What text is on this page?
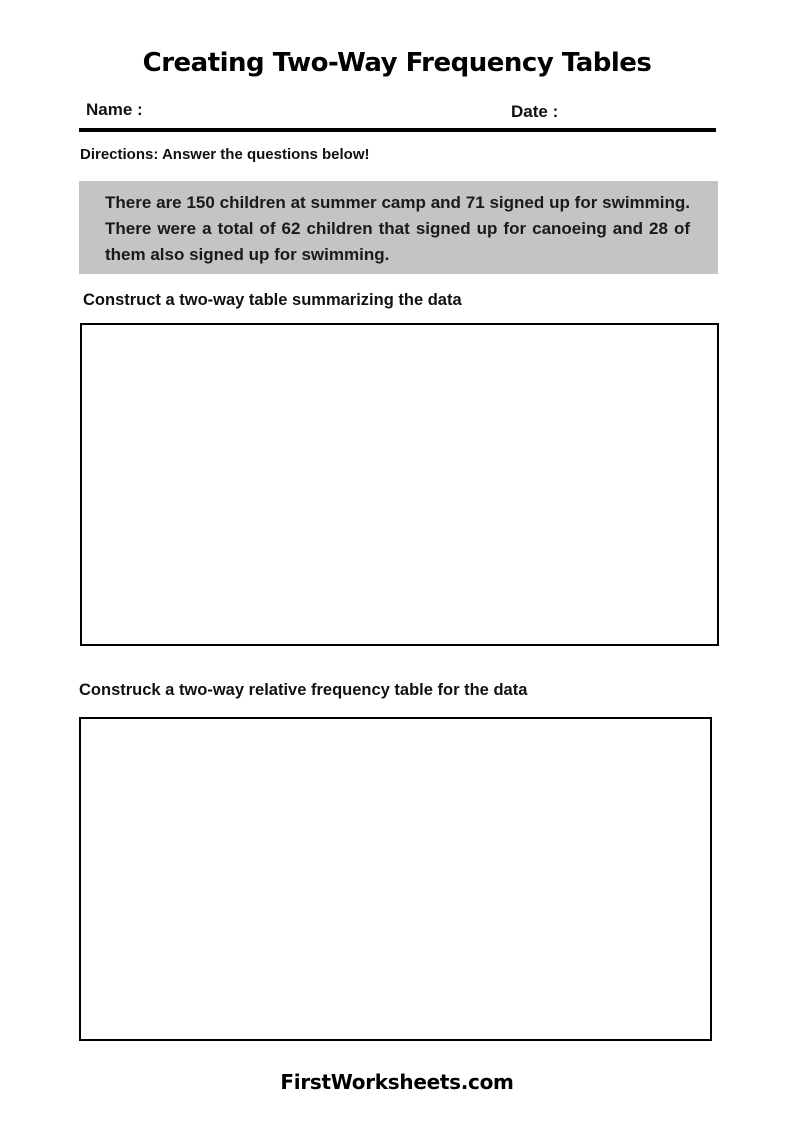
Creating Two-Way Frequency Tables
Name :	Date :
Directions: Answer the questions below!
There are 150 children at summer camp and 71 signed up for swimming. There were a total of 62 children that signed up for canoeing and 28 of them also signed up for swimming.
Construct a two-way table summarizing the data
Construck a two-way relative frequency table for the data
FirstWorksheets.com
